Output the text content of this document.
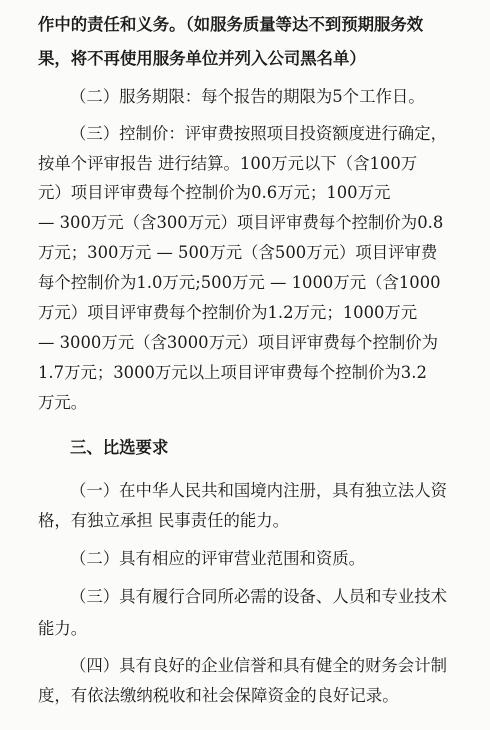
作中的责任和义务。（如服务质量等达不到预期服务效
果，将不再使用服务单位并列入公司黑名单）
（二）服务期限：每个报告的期限为5个工作日。
（三）控制价：评审费按照项目投资额度进行确定，
按单个评审报告 进行结算。100万元以下（含100万
元）项目评审费每个控制价为0.6万元；100万元
— 300万元（含300万元）项目评审费每个控制价为0.8
万元；300万元 — 500万元（含500万元）项目评审费
每个控制价为1.0万元;500万元 — 1000万元（含1000
万元）项目评审费每个控制价为1.2万元；1000万元
— 3000万元（含3000万元）项目评审费每个控制价为
1.7万元；3000万元以上项目评审费每个控制价为3.2
万元。
三、比选要求
（一）在中华人民共和国境内注册，具有独立法人资
格，有独立承担 民事责任的能力。
（二）具有相应的评审营业范围和资质。
（三）具有履行合同所必需的设备、人员和专业技术
能力。
（四）具有良好的企业信誉和具有健全的财务会计制
度，有依法缴纳税收和社会保障资金的良好记录。
